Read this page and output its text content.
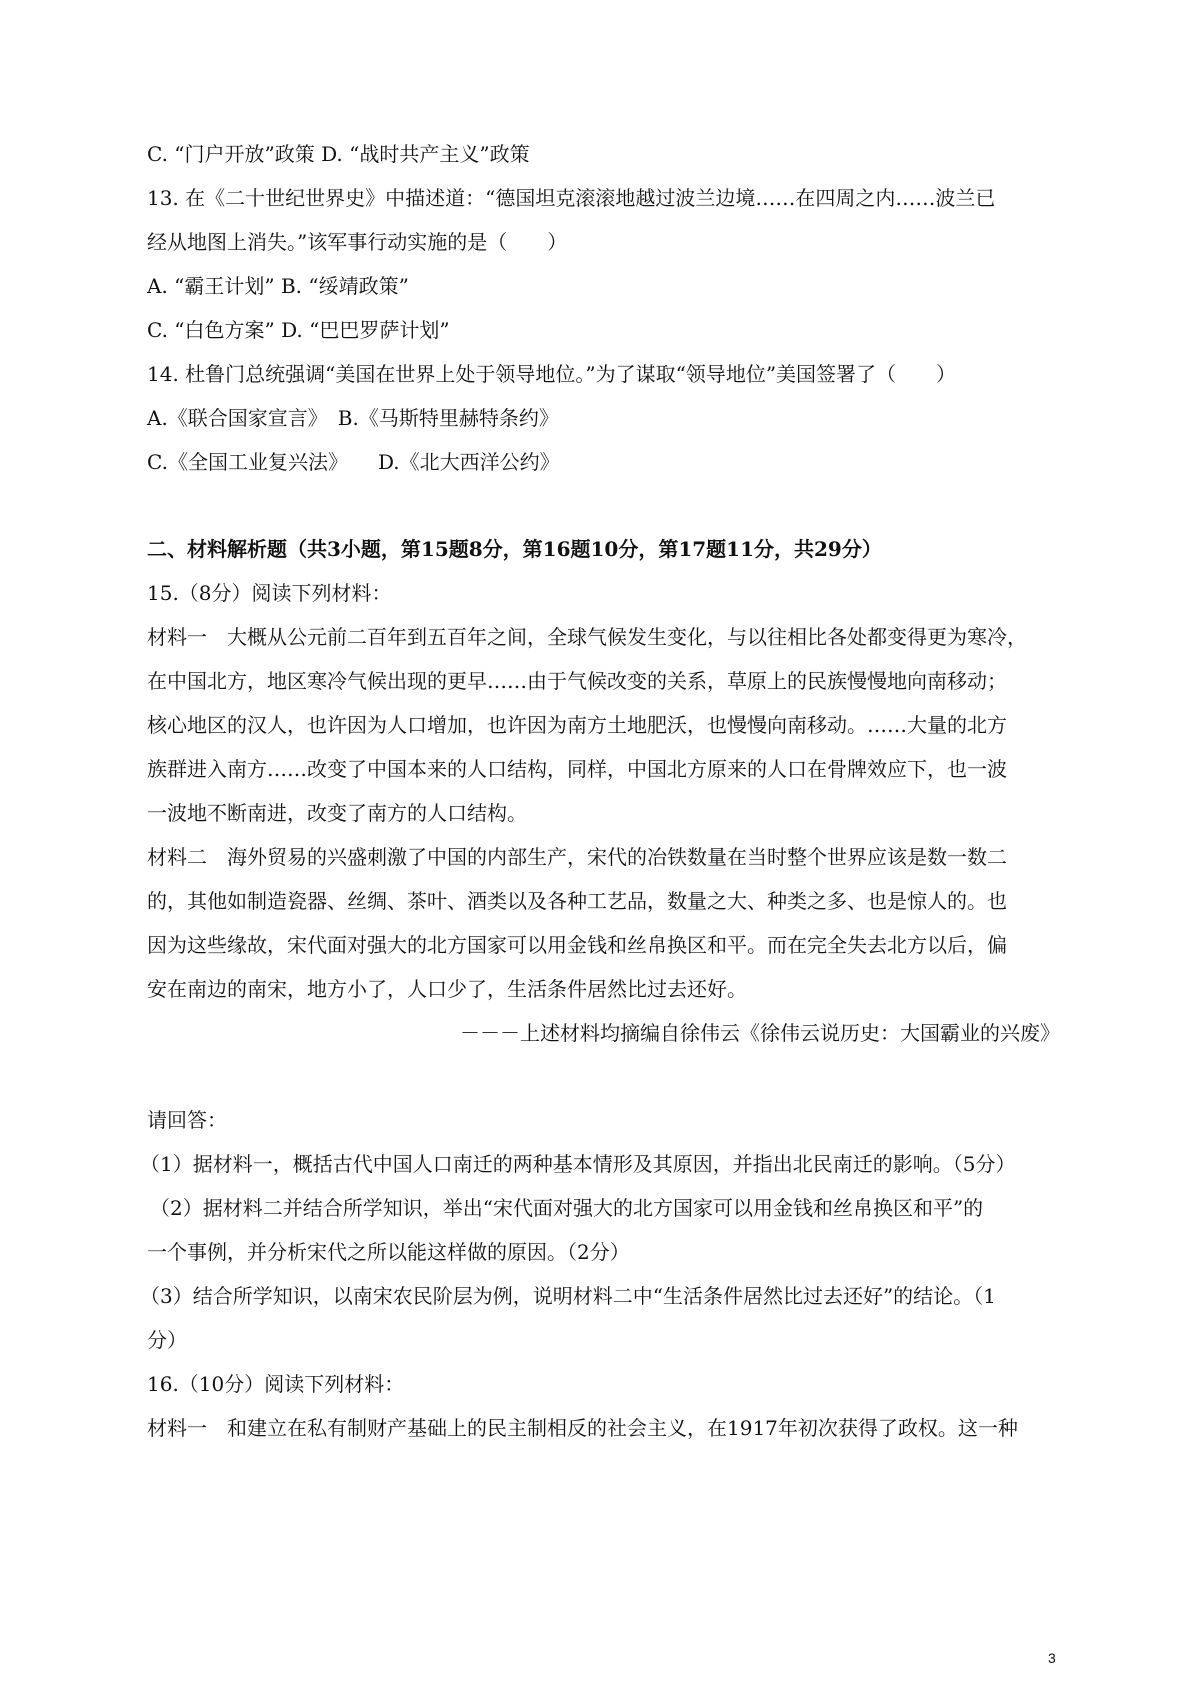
C. “门户开放”政策 D. “战时共产主义”政策
13. 在《二十世纪世界史》中描述道：“德国坦克滚滚地越过波兰边境……在四周之内……波兰已
经从地图上消失。”该军事行动实施的是（　　）
A. “霸王计划” B. “绥靖政策”
C. “白色方案” D. “巴巴罗萨计划”
14. 杜鲁门总统强调“美国在世界上处于领导地位。”为了谋取“领导地位”美国签署了（　　）
A.《联合国家宣言》　B.《马斯特里赫特条约》
C.《全国工业复兴法》　　D.《北大西洋公约》
二、材料解析题（共3小题，第15题8分，第16题10分，第17题11分，共29分）
15.（8分）阅读下列材料：
材料一　大概从公元前二百年到五百年之间，全球气候发生变化，与以往相比各处都变得更为寒冷，
在中国北方，地区寒冷气候出现的更早……由于气候改变的关系，草原上的民族慢慢地向南移动；
核心地区的汉人，也许因为人口增加，也许因为南方土地肥沃，也慢慢向南移动。……大量的北方
族群进入南方……改变了中国本来的人口结构，同样，中国北方原来的人口在骨牌效应下，也一波
一波地不断南进，改变了南方的人口结构。
材料二　海外贸易的兴盛刺激了中国的内部生产，宋代的冶铁数量在当时整个世界应该是数一数二
的，其他如制造瓷器、丝绸、茶叶、酒类以及各种工艺品，数量之大、种类之多、也是惊人的。也
因为这些缘故，宋代面对强大的北方国家可以用金钱和丝帛换区和平。而在完全失去北方以后，偏
安在南边的南宋，地方小了，人口少了，生活条件居然比过去还好。
－－－上述材料均摘编自徐伟云《徐伟云说历史：大国霸业的兴废》
请回答：
（1）据材料一，概括古代中国人口南迁的两种基本情形及其原因，并指出北民南迁的影响。（5分）
（2）据材料二并结合所学知识，举出“宋代面对强大的北方国家可以用金钱和丝帛换区和平”的
一个事例，并分析宋代之所以能这样做的原因。（2分）
（3）结合所学知识，以南宋农民阶层为例，说明材料二中“生活条件居然比过去还好”的结论。（1
分）
16.（10分）阅读下列材料：
材料一　和建立在私有制财产基础上的民主制相反的社会主义，在1917年初次获得了政权。这一种
3
